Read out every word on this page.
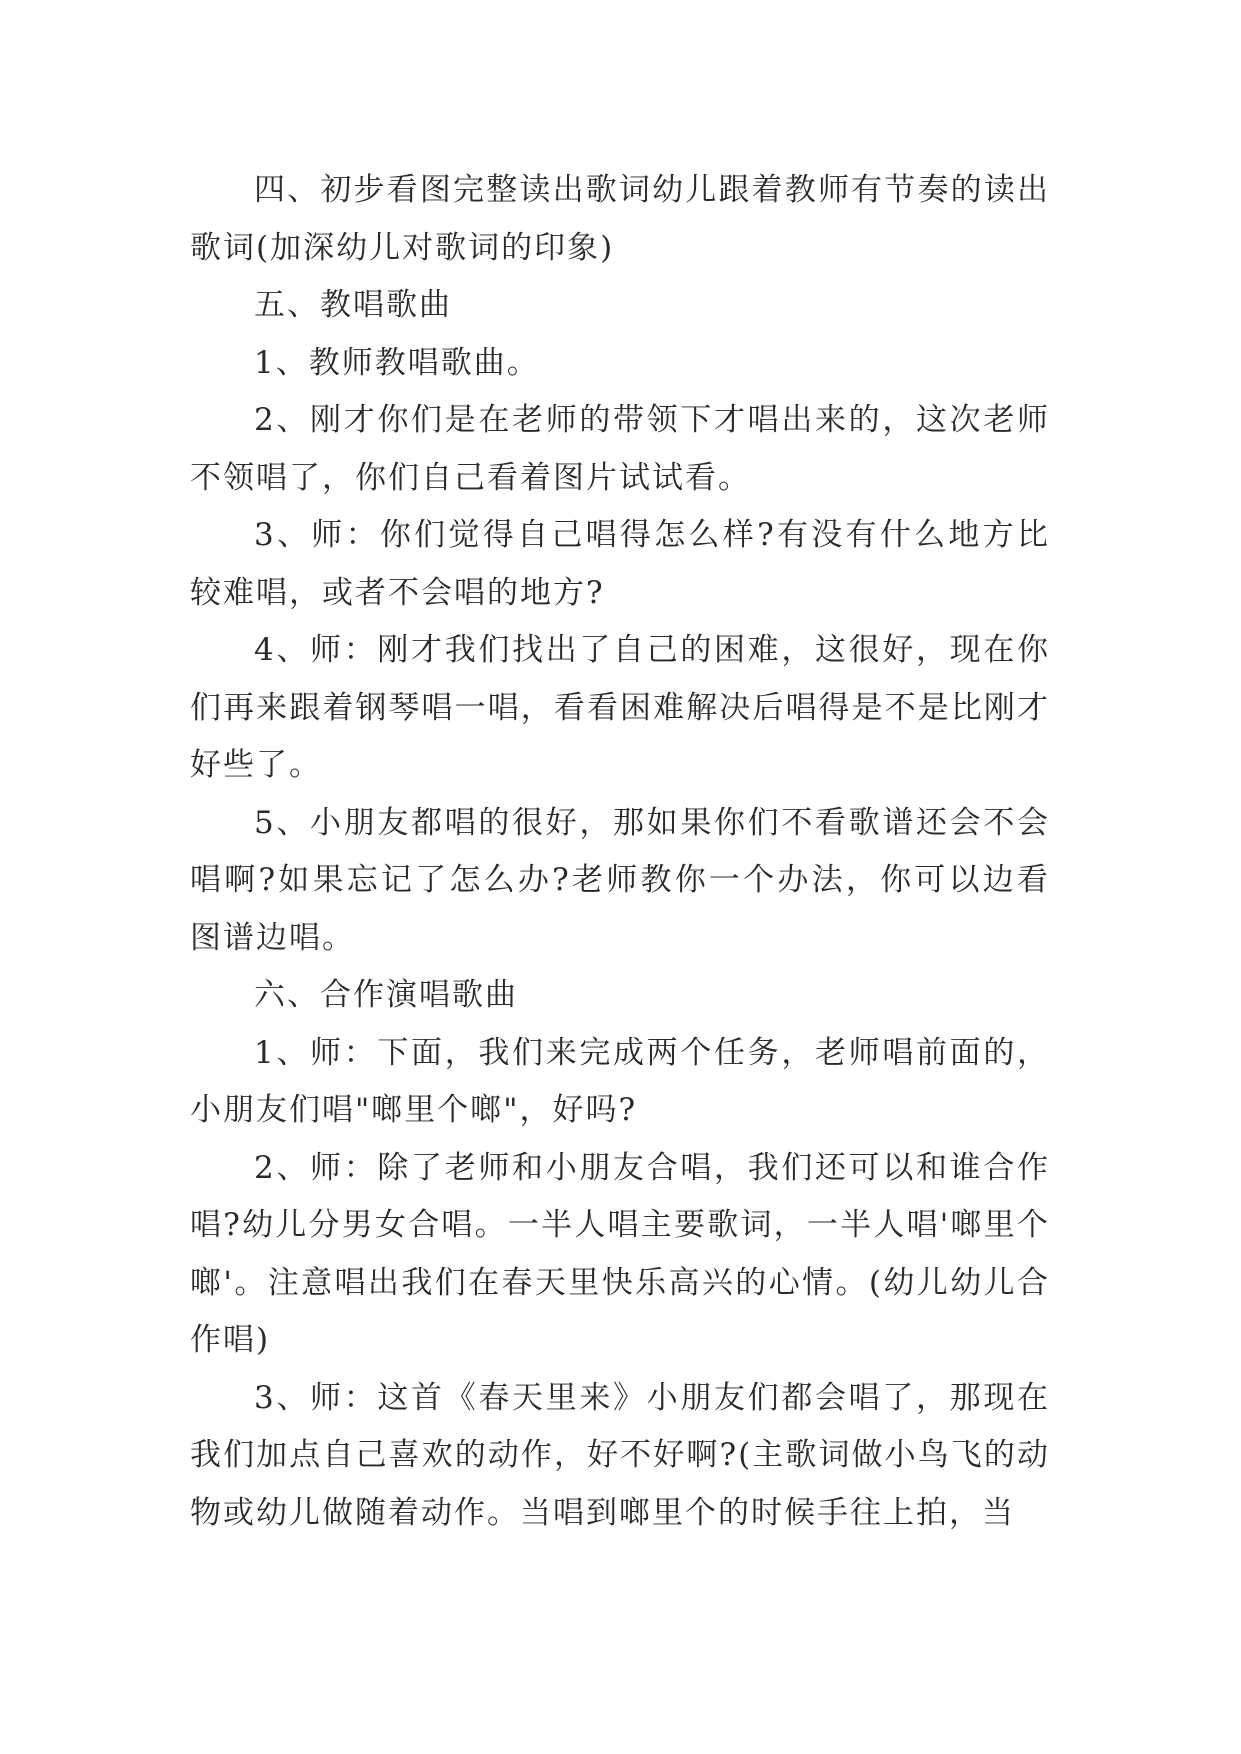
四、初步看图完整读出歌词幼儿跟着教师有节奏的读出歌词(加深幼儿对歌词的印象)

五、教唱歌曲

1、教师教唱歌曲。

2、刚才你们是在老师的带领下才唱出来的，这次老师不领唱了，你们自己看着图片试试看。

3、师：你们觉得自己唱得怎么样?有没有什么地方比较难唱，或者不会唱的地方?

4、师：刚才我们找出了自己的困难，这很好，现在你们再来跟着钢琴唱一唱，看看困难解决后唱得是不是比刚才好些了。

5、小朋友都唱的很好，那如果你们不看歌谱还会不会唱啊?如果忘记了怎么办?老师教你一个办法，你可以边看图谱边唱。

六、合作演唱歌曲

1、师：下面，我们来完成两个任务，老师唱前面的，小朋友们唱"啷里个啷"，好吗?

2、师：除了老师和小朋友合唱，我们还可以和谁合作唱?幼儿分男女合唱。一半人唱主要歌词，一半人唱'啷里个啷'。注意唱出我们在春天里快乐高兴的心情。(幼儿幼儿合作唱)

3、师：这首《春天里来》小朋友们都会唱了，那现在我们加点自己喜欢的动作，好不好啊?(主歌词做小鸟飞的动物或幼儿做随着动作。当唱到啷里个的时候手往上拍，当
